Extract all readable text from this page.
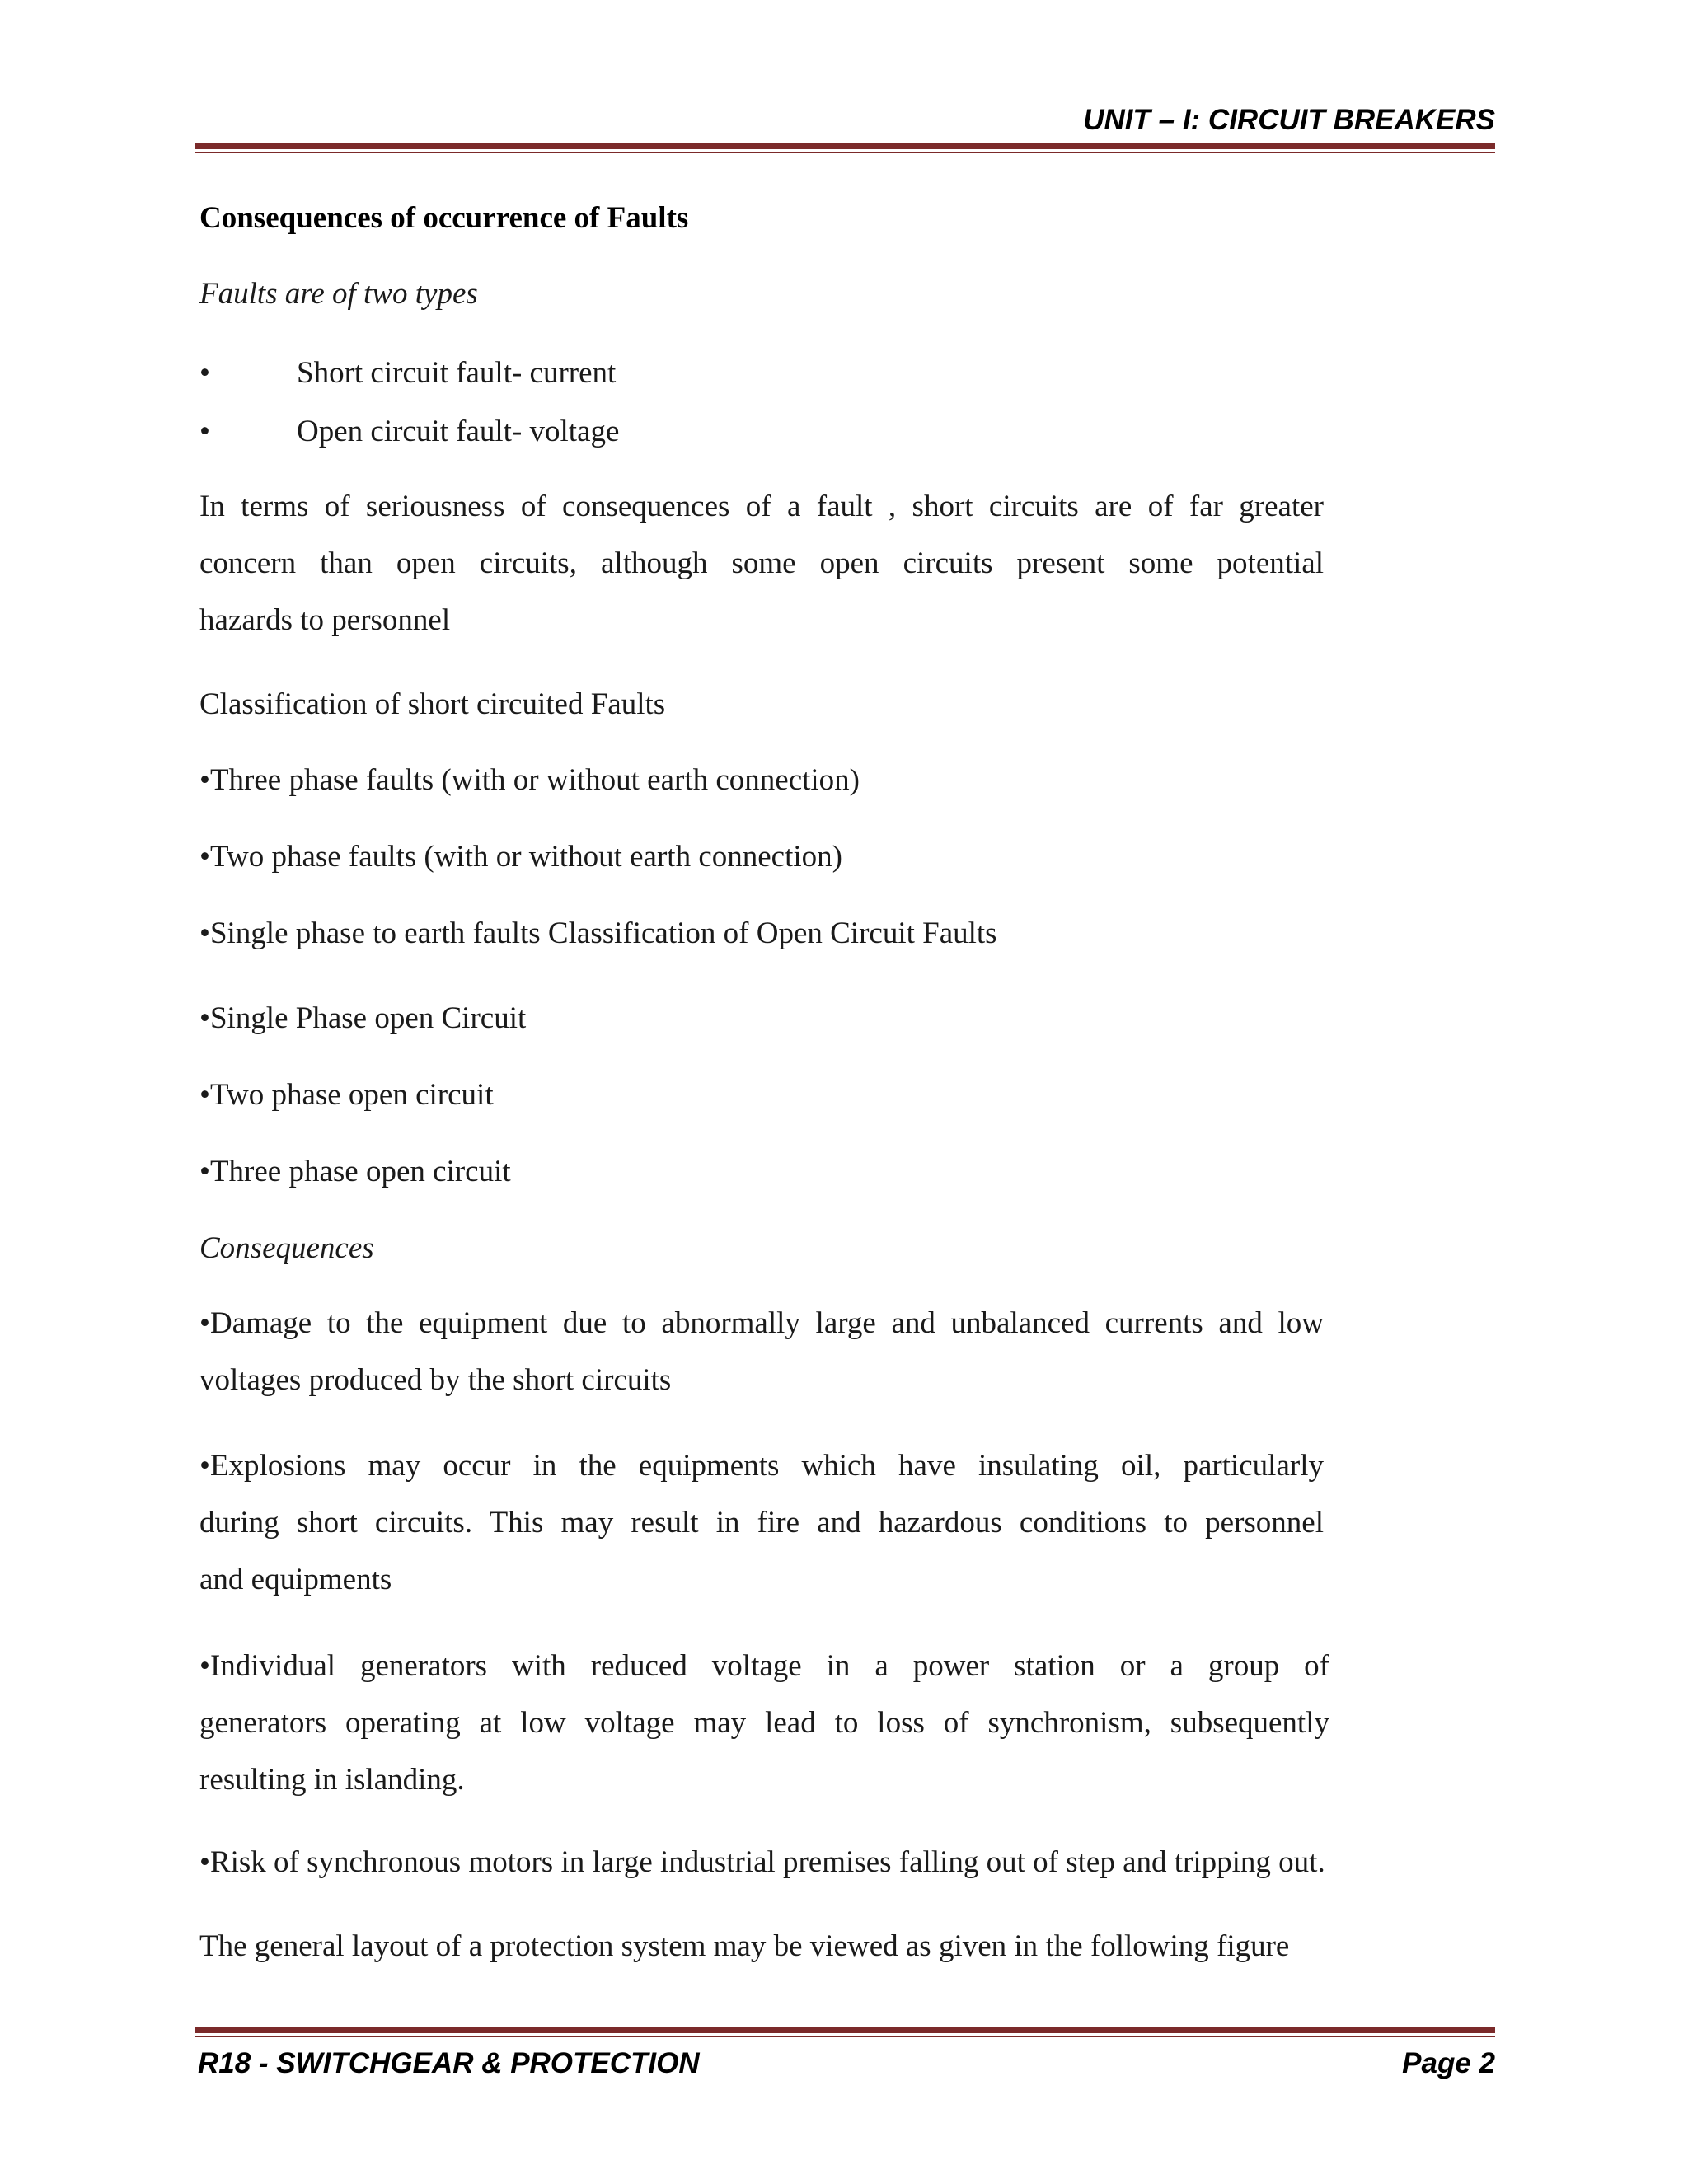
UNIT – I: CIRCUIT BREAKERS
Consequences of occurrence of Faults
Faults are of two types
•	Short circuit fault- current
•	Open circuit fault- voltage
In terms of seriousness of consequences of a fault , short circuits are of far greater
concern than open circuits, although some open circuits present some potential
hazards to personnel
Classification of short circuited Faults
•Three phase faults (with or without earth connection)
•Two phase faults (with or without earth connection)
•Single phase to earth faults Classification of Open Circuit Faults
•Single Phase open Circuit
•Two phase open circuit
•Three phase open circuit
Consequences
•Damage to the equipment due to abnormally large and unbalanced currents and low
voltages produced by the short circuits
•Explosions may occur in the equipments which have insulating oil, particularly
during short circuits. This may result in fire and hazardous conditions to personnel
and equipments
•Individual generators with reduced voltage in a power station or a group of
generators operating at low voltage may lead to loss of synchronism, subsequently
resulting in islanding.
•Risk of synchronous motors in large industrial premises falling out of step and tripping out.
The general layout of a protection system may be viewed as given in the following figure
R18 - SWITCHGEAR & PROTECTION	Page 2
